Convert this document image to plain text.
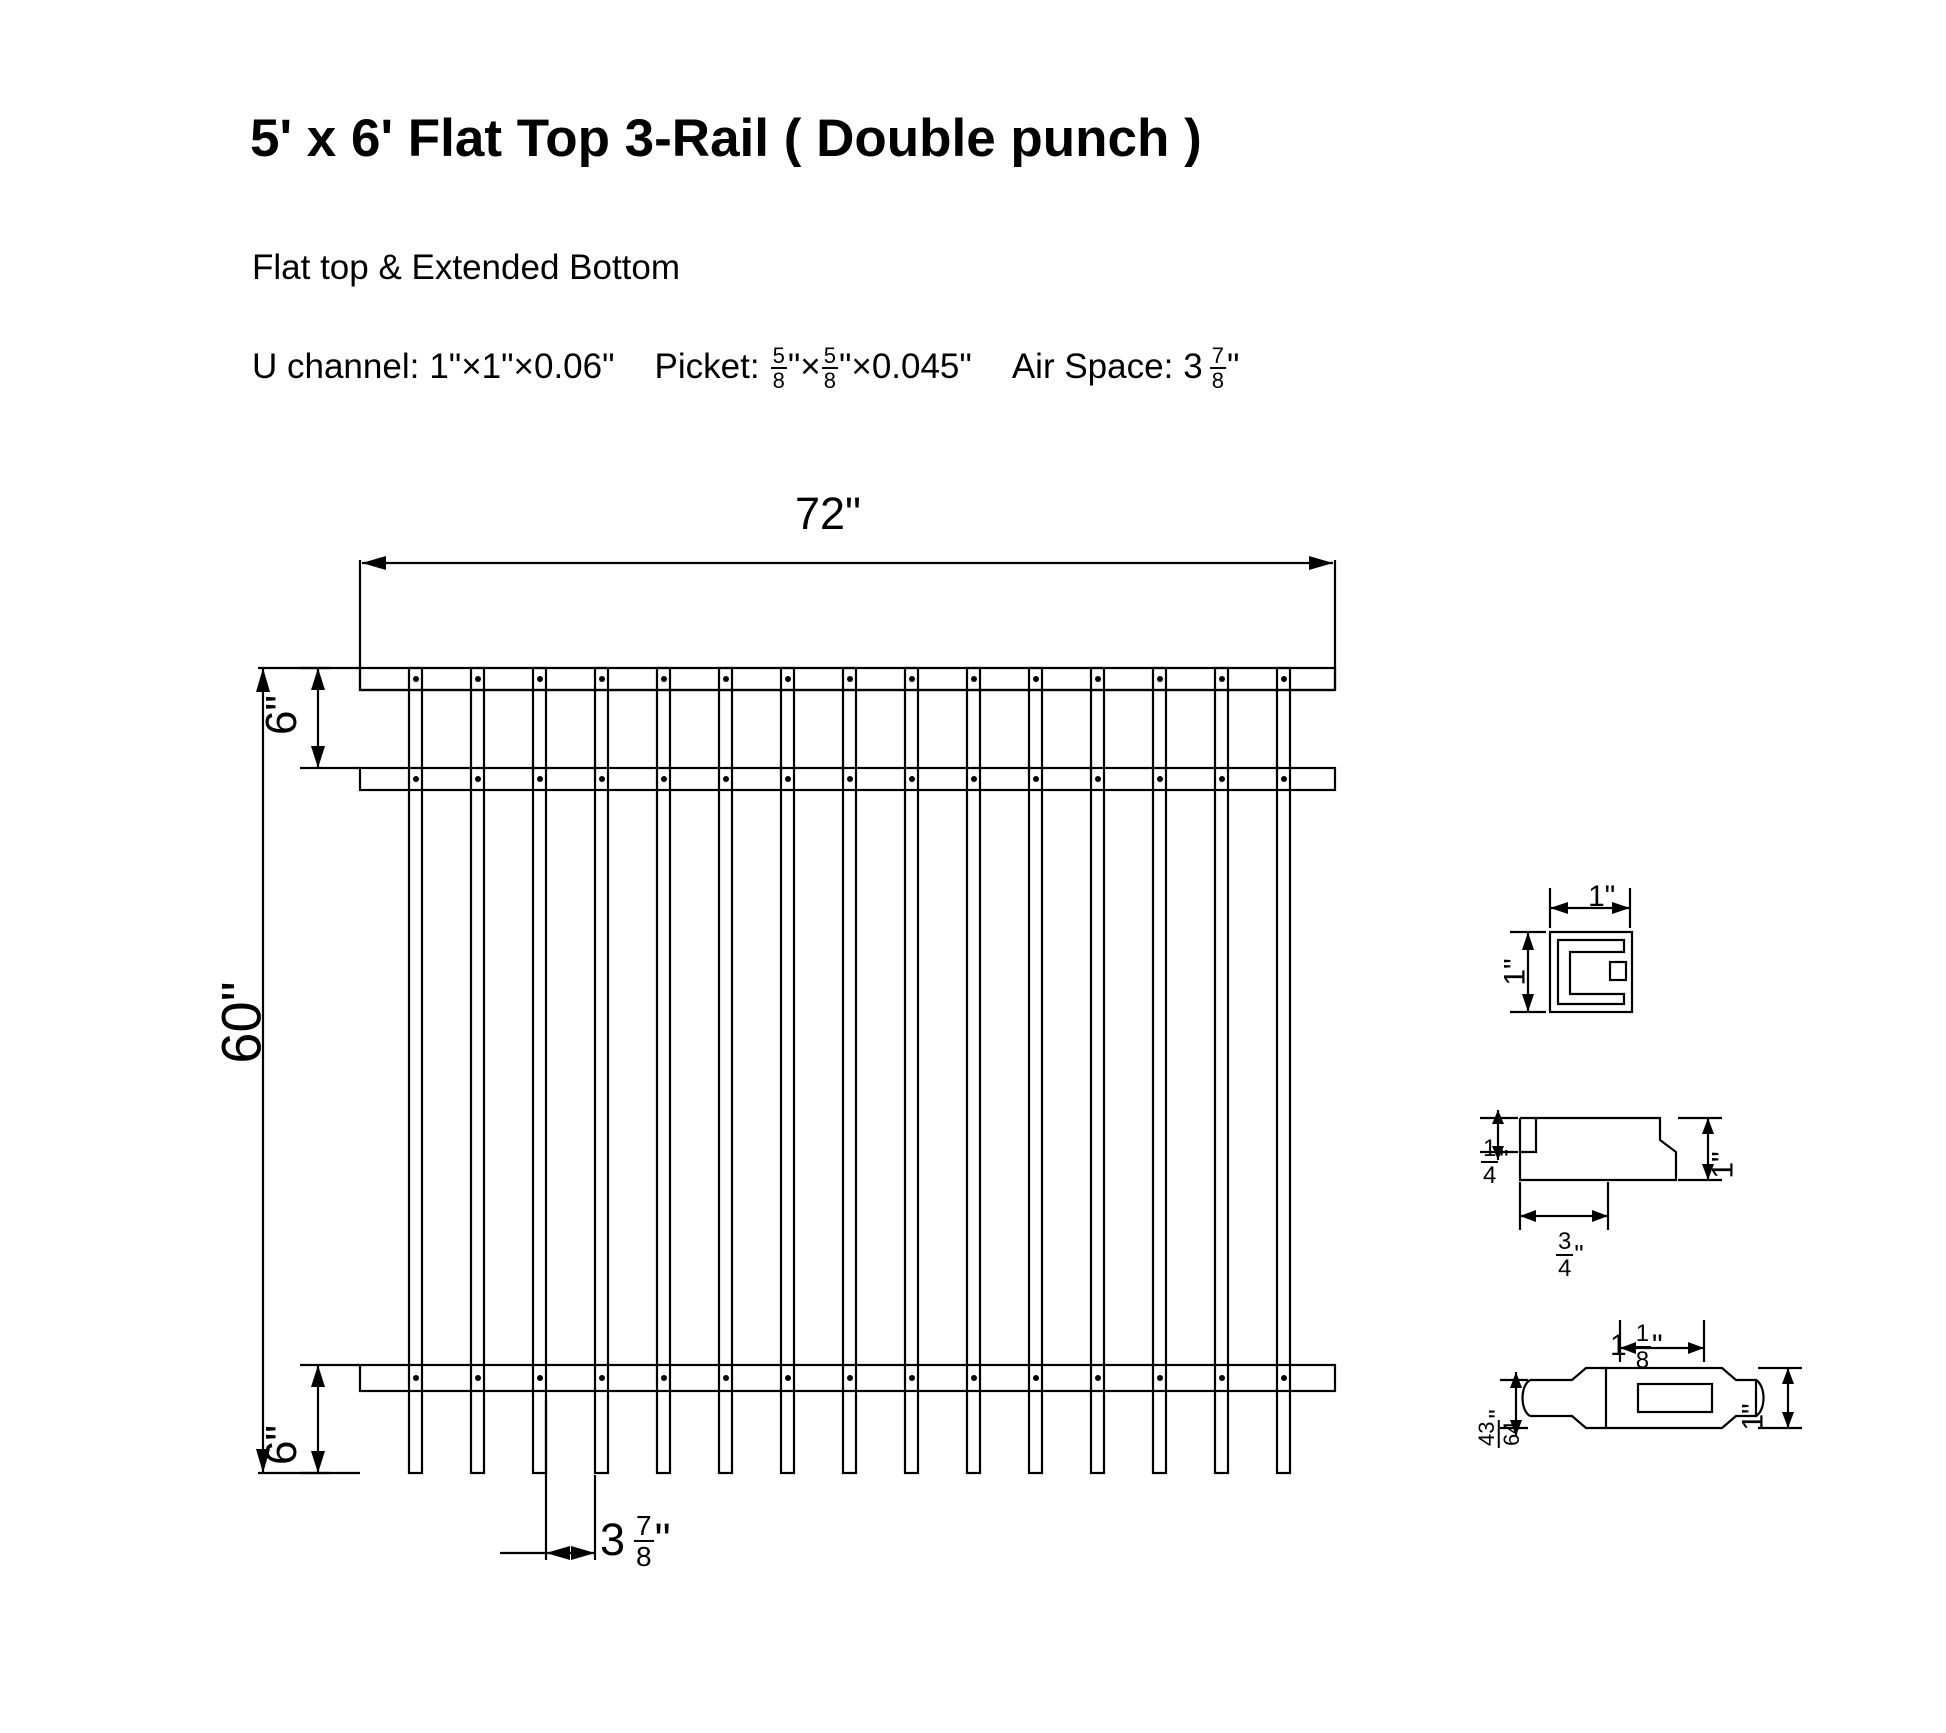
5' x 6' Flat Top 3-Rail ( Double punch )
Flat top & Extended Bottom
U channel: 1"×1"×0.06" Picket: $\frac{5}{8}$ "× $\frac{5}{8}$ "×0.045" Air Space: $3 \frac{7}{8}$ "
72"
60"
6"
6"
$3 \frac{7}{8}$ "
1"
1"
$\frac{1}{4}$ "	1"
$\frac{3}{4}$ "
$1 \frac{1}{8}$ "
43 64
"	1"
